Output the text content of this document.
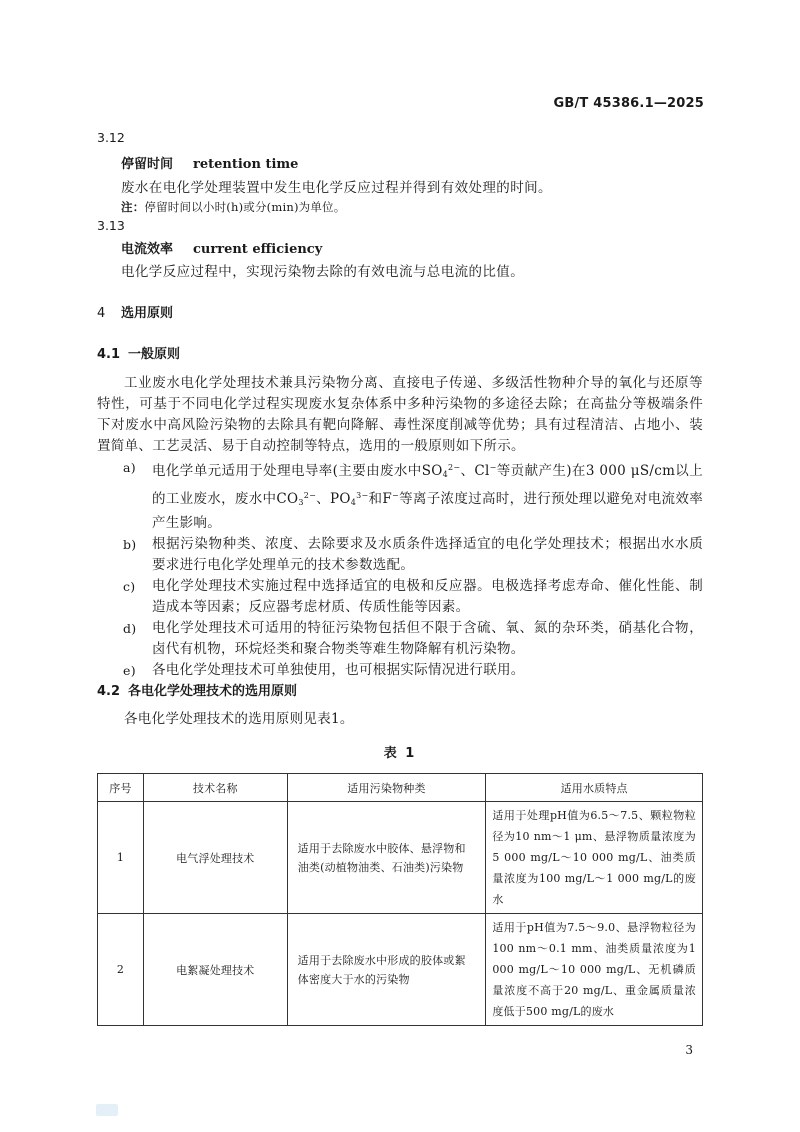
GB/T 45386.1—2025
3.12
停留时间 retention time
废水在电化学处理装置中发生电化学反应过程并得到有效处理的时间。
注：停留时间以小时(h)或分(min)为单位。
3.13
电流效率 current efficiency
电化学反应过程中，实现污染物去除的有效电流与总电流的比值。
4 选用原则
4.1 一般原则
工业废水电化学处理技术兼具污染物分离、直接电子传递、多级活性物种介导的氧化与还原等特性，可基于不同电化学过程实现废水复杂体系中多种污染物的多途径去除；在高盐分等极端条件下对废水中高风险污染物的去除具有靶向降解、毒性深度削减等优势；具有过程清洁、占地小、装置简单、工艺灵活、易于自动控制等特点，选用的一般原则如下所示。
a) 电化学单元适用于处理电导率(主要由废水中$SO_4^{2-}$、Cl−等贡献产生)在3 000 μS/cm以上的工业废水，废水中$CO_3^{2-}$、$PO_4^{3-}$和F−等离子浓度过高时，进行预处理以避免对电流效率产生影响。
b) 根据污染物种类、浓度、去除要求及水质条件选择适宜的电化学处理技术；根据出水水质要求进行电化学处理单元的技术参数选配。
c) 电化学处理技术实施过程中选择适宜的电极和反应器。电极选择考虑寿命、催化性能、制造成本等因素；反应器考虑材质、传质性能等因素。
d) 电化学处理技术可适用的特征污染物包括但不限于含硫、氧、氮的杂环类，硝基化合物，卤代有机物，环烷烃类和聚合物类等难生物降解有机污染物。
e) 各电化学处理技术可单独使用，也可根据实际情况进行联用。
4.2 各电化学处理技术的选用原则
各电化学处理技术的选用原则见表1。
表 1
序号	技术名称	适用污染物种类	适用水质特点
1	电气浮处理技术	适用于去除废水中胶体、悬浮物和油类(动植物油类、石油类)污染物	适用于处理pH值为6.5～7.5、颗粒物粒径为10 nm～1 μm、悬浮物质量浓度为5 000 mg/L～10 000 mg/L、油类质量浓度为100 mg/L～1 000 mg/L的废水
2	电絮凝处理技术	适用于去除废水中形成的胶体或絮体密度大于水的污染物	适用于pH值为7.5～9.0、悬浮物粒径为100 nm～0.1 mm、油类质量浓度为1 000 mg/L～10 000 mg/L、无机磷质量浓度不高于20 mg/L、重金属质量浓度低于500 mg/L的废水
3
